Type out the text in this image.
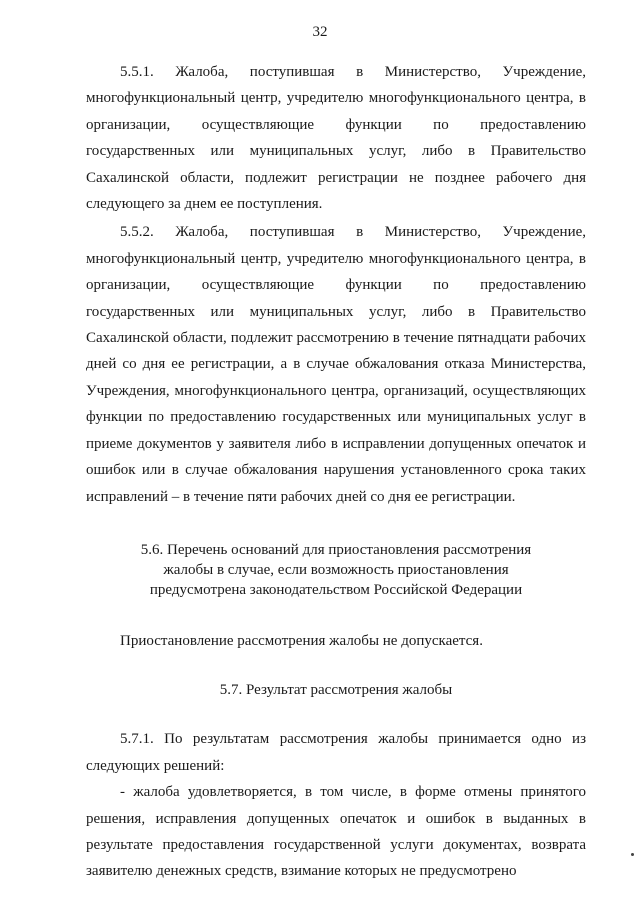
32

5.5.1. Жалоба, поступившая в Министерство, Учреждение, многофункциональный центр, учредителю многофункционального центра, в организации, осуществляющие функции по предоставлению государственных или муниципальных услуг, либо в Правительство Сахалинской области, подлежит регистрации не позднее рабочего дня следующего за днем ее поступления.

5.5.2. Жалоба, поступившая в Министерство, Учреждение, многофункциональный центр, учредителю многофункционального центра, в организации, осуществляющие функции по предоставлению государственных или муниципальных услуг, либо в Правительство Сахалинской области, подлежит рассмотрению в течение пятнадцати рабочих дней со дня ее регистрации, а в случае обжалования отказа Министерства, Учреждения, многофункционального центра, организаций, осуществляющих функции по предоставлению государственных или муниципальных услуг в приеме документов у заявителя либо в исправлении допущенных опечаток и ошибок или в случае обжалования нарушения установленного срока таких исправлений – в течение пяти рабочих дней со дня ее регистрации.

5.6. Перечень оснований для приостановления рассмотрения
жалобы в случае, если возможность приостановления
предусмотрена законодательством Российской Федерации

Приостановление рассмотрения жалобы не допускается.

5.7. Результат рассмотрения жалобы

5.7.1. По результатам рассмотрения жалобы принимается одно из следующих решений:

- жалоба удовлетворяется, в том числе, в форме отмены принятого решения, исправления допущенных опечаток и ошибок в выданных в результате предоставления государственной услуги документах, возврата заявителю денежных средств, взимание которых не предусмотрено
